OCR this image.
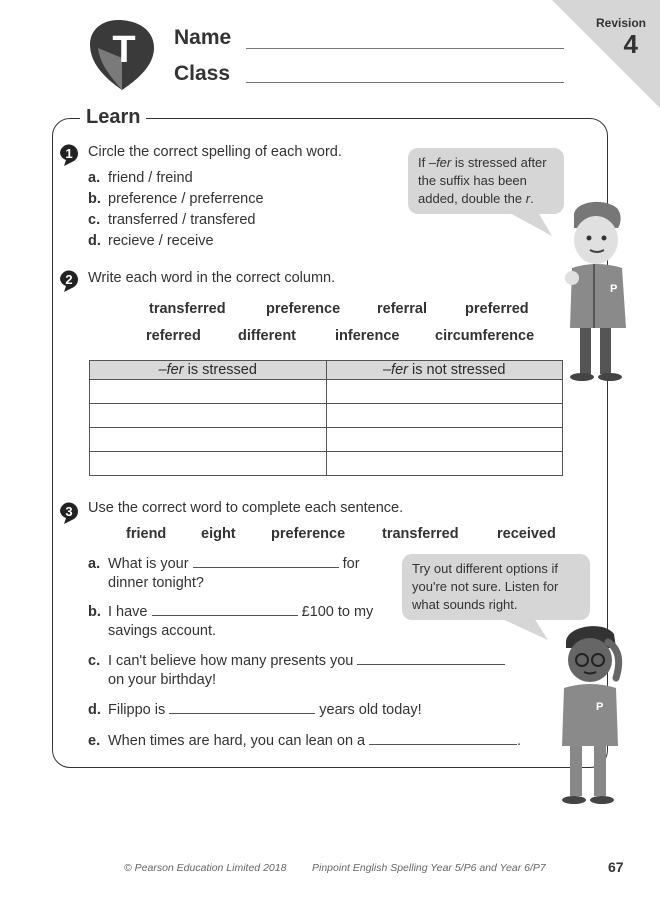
T Name
Class
Revision
4
Learn
1 Circle the correct spelling of each word.
a. friend / freind
b. preference / preferrence
c. transferred / transfered
d. recieve / receive
If –fer is stressed after the suffix has been added, double the r.
P
2 Write each word in the correct column.
transferred	preference	referral	preferred
referred	different	inference circumference
–fer is stressed	–fer is not stressed

3 Use the correct word to complete each sentence.
friend eight preference	transferred	received
a. What is your	for
dinner tonight?
b. I have	£100 to my
savings account.
c. I can't believe how many presents you
on your birthday!
d. Filippo is	years old today!
e. When times are hard, you can lean on a	.
Try out different options if you're not sure. Listen for what sounds right.
P
© Pearson Education Limited 2018 Pinpoint English Spelling Year 5/P6 and Year 6/P7	67
